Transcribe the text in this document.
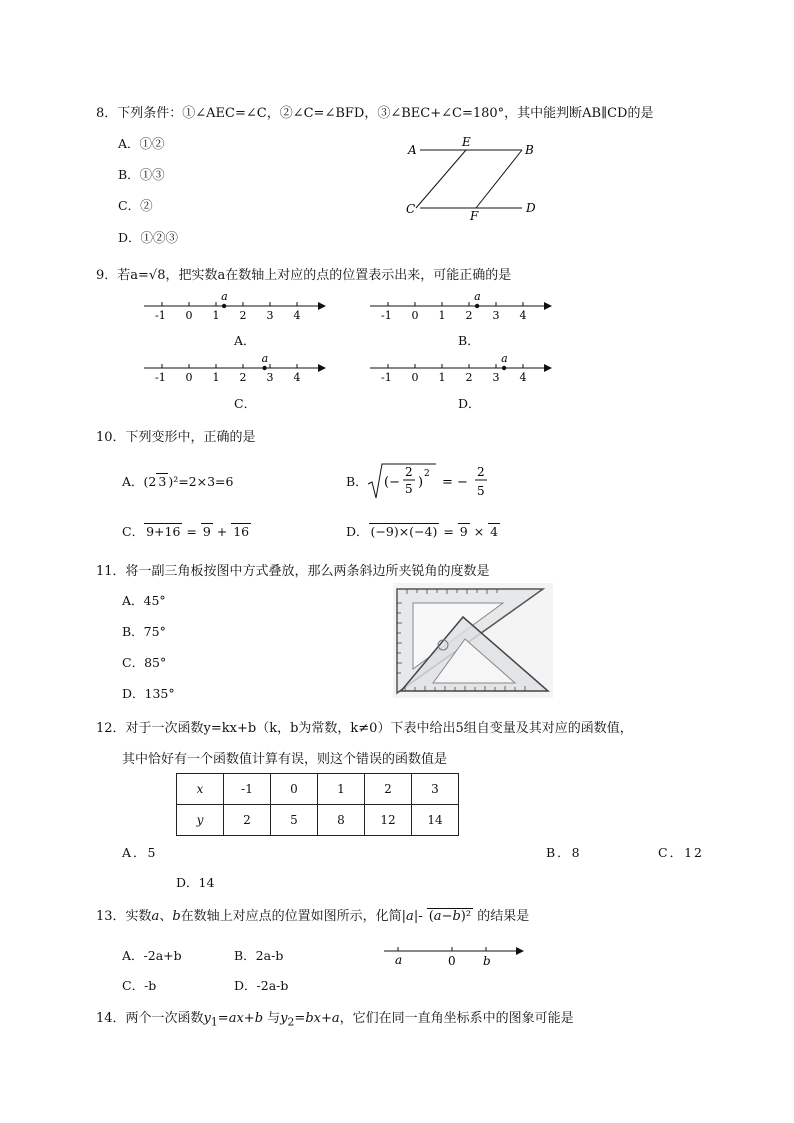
8．下列条件：①∠AEC=∠C，②∠C=∠BFD，③∠BEC+∠C=180°，其中能判断AB∥CD的是
A．①②
B．①③
C．②
D．①②③
A
E
B
C	F
D
9．若a=√8，把实数a在数轴上对应的点的位置表示出来，可能正确的是
-1 0 1 2 3 4
a
A．
-1 0 1 2 3 4
a
B．
-1 0 1 2 3 4
a
C．
-1 0 1 2 3 4
a
D．
10．下列变形中，正确的是
A．(2 3 )²=2×3=6	B． (−
2
5 )
2
= −
2
5
C． 9+16 = 9 + 16	D． (−9)×(−4) = 9 × 4
11．将一副三角板按图中方式叠放，那么两条斜边所夹锐角的度数是
A．45°
B．75°
C．85°
D．135°
12．对于一次函数y=kx+b（k，b为常数，k≠0）下表中给出5组自变量及其对应的函数值，
其中恰好有一个函数值计算有误，则这个错误的函数值是
x	-1	0	1	2	3
y	2	5	8	12	14
A．5	B．8	C．12
D．14
13．实数a、b在数轴上对应点的位置如图所示，化简|a|- (a−b)² 的结果是
A．-2a+b	B．2a-b
C．-b	D．-2a-b
a	0 b
14．两个一次函数$y_1=ax+b$ 与$y_2=bx+a$，它们在同一直角坐标系中的图象可能是
